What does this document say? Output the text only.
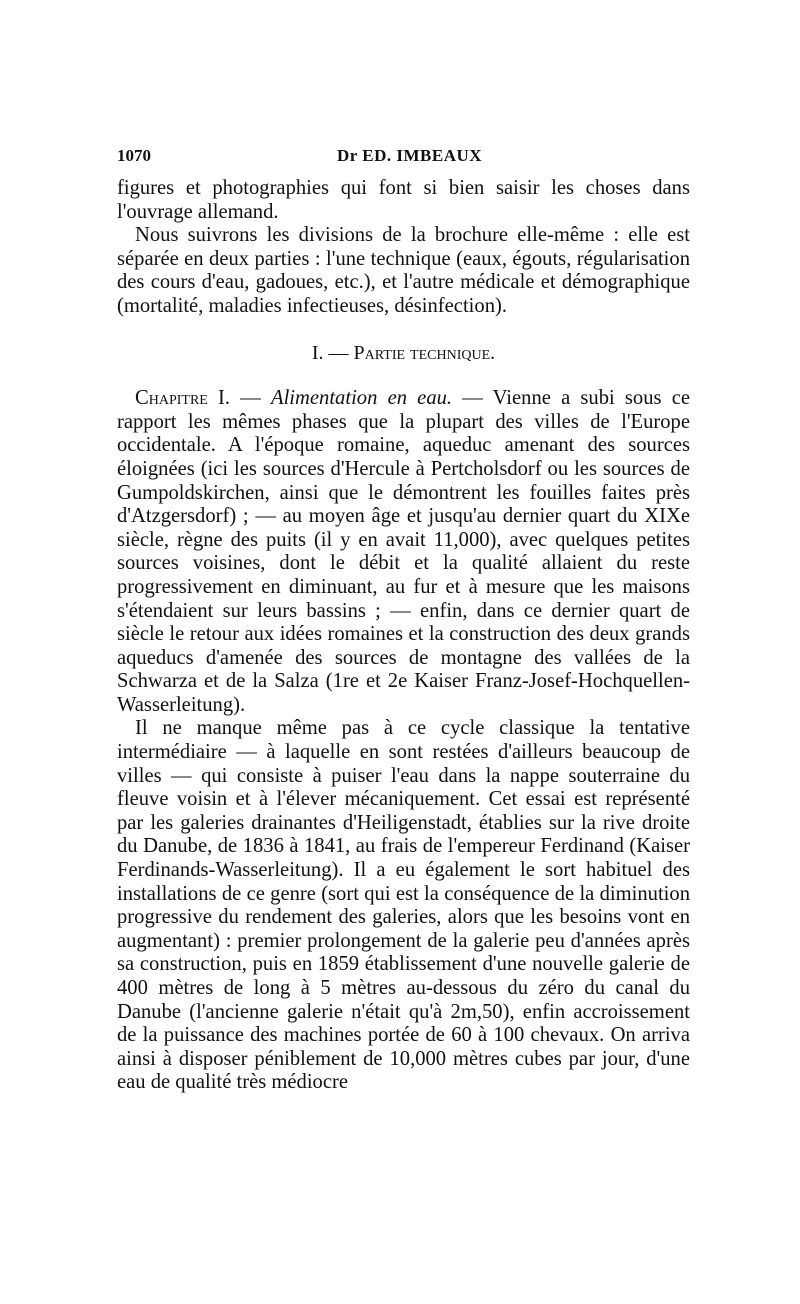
1070	Dr ED. IMBEAUX

figures et photographies qui font si bien saisir les choses dans l'ouvrage allemand.

Nous suivrons les divisions de la brochure elle-même : elle est séparée en deux parties : l'une technique (eaux, égouts, régularisation des cours d'eau, gadoues, etc.), et l'autre médicale et démographique (mortalité, maladies infectieuses, désinfection).

I. — Partie technique.

Chapitre I. — Alimentation en eau. — Vienne a subi sous ce rapport les mêmes phases que la plupart des villes de l'Europe occidentale. A l'époque romaine, aqueduc amenant des sources éloignées (ici les sources d'Hercule à Pertcholsdorf ou les sources de Gumpoldskirchen, ainsi que le démontrent les fouilles faites près d'Atzgersdorf) ; — au moyen âge et jusqu'au dernier quart du XIXe siècle, règne des puits (il y en avait 11,000), avec quelques petites sources voisines, dont le débit et la qualité allaient du reste progressivement en diminuant, au fur et à mesure que les maisons s'étendaient sur leurs bassins ; — enfin, dans ce dernier quart de siècle le retour aux idées romaines et la construction des deux grands aqueducs d'amenée des sources de montagne des vallées de la Schwarza et de la Salza (1re et 2e Kaiser Franz-Josef-Hochquellen-Wasserleitung).

Il ne manque même pas à ce cycle classique la tentative intermédiaire — à laquelle en sont restées d'ailleurs beaucoup de villes — qui consiste à puiser l'eau dans la nappe souterraine du fleuve voisin et à l'élever mécaniquement. Cet essai est représenté par les galeries drainantes d'Heiligenstadt, établies sur la rive droite du Danube, de 1836 à 1841, au frais de l'empereur Ferdinand (Kaiser Ferdinands-Wasserleitung). Il a eu également le sort habituel des installations de ce genre (sort qui est la conséquence de la diminution progressive du rendement des galeries, alors que les besoins vont en augmentant) : premier prolongement de la galerie peu d'années après sa construction, puis en 1859 établissement d'une nouvelle galerie de 400 mètres de long à 5 mètres au-dessous du zéro du canal du Danube (l'ancienne galerie n'était qu'à 2m,50), enfin accroissement de la puissance des machines portée de 60 à 100 chevaux. On arriva ainsi à disposer péniblement de 10,000 mètres cubes par jour, d'une eau de qualité très médiocre
